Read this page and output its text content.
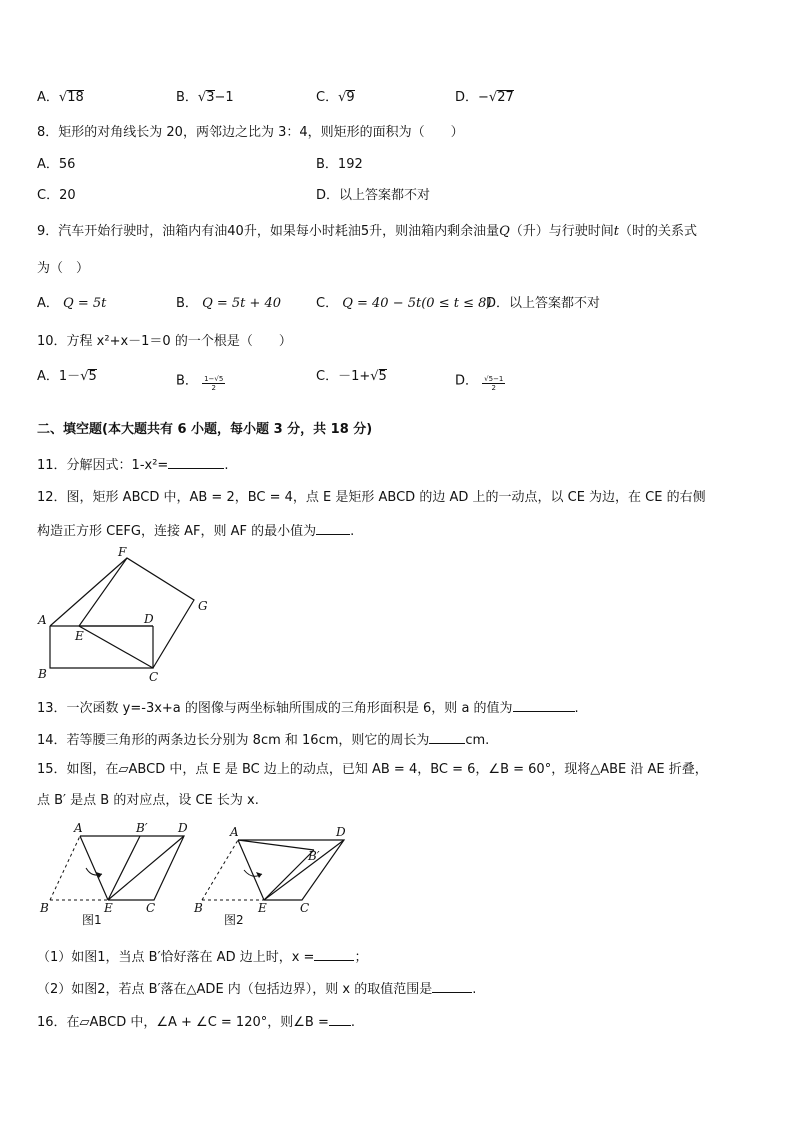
A．√18	B．√3−1	C．√9	D．−√27
8．矩形的对角线长为 20，两邻边之比为 3：4，则矩形的面积为（　　）
A．56	B．192
C．20	D．以上答案都不对
9．汽车开始行驶时，油箱内有油40升，如果每小时耗油5升，则油箱内剩余油量Q（升）与行驶时间t（时的关系式
为（　）
A． Q = 5t	B． Q = 5t + 40	C． Q = 40 − 5t(0 ≤ t ≤ 8)
D．以上答案都不对
10．方程 x²+x－1＝0 的一个根是（　　）
A．1－√5	B． $\frac{1-√5}{2}$	C．－1+√5	D． $\frac{√5-1}{2}$
二、填空题(本大题共有 6 小题，每小题 3 分，共 18 分)
11．分解因式：1-x²=	.
12．图，矩形 ABCD 中，AB = 2，BC = 4，点 E 是矩形 ABCD 的边 AD 上的一动点，以 CE 为边，在 CE 的右侧
构造正方形 CEFG，连接 AF，则 AF 的最小值为	.
A
B	C
D
E
F
G
13．一次函数 y=-3x+a 的图像与两坐标轴所围成的三角形面积是 6，则 a 的值为	.
14．若等腰三角形的两条边长分别为 8cm 和 16cm，则它的周长为	cm.
15．如图，在▱ABCD 中，点 E 是 BC 边上的动点，已知 AB = 4，BC = 6，∠B = 60°，现将△ABE 沿 AE 折叠，
点 B′ 是点 B 的对应点，设 CE 长为 x.
A	B′	D
B	E	C
图1
A
B′
D
B	E	C
图2
（1）如图1，当点 B′恰好落在 AD 边上时，x =	；
（2）如图2，若点 B′落在△ADE 内（包括边界），则 x 的取值范围是	.
16．在▱ABCD 中，∠A + ∠C = 120°，则∠B = .
